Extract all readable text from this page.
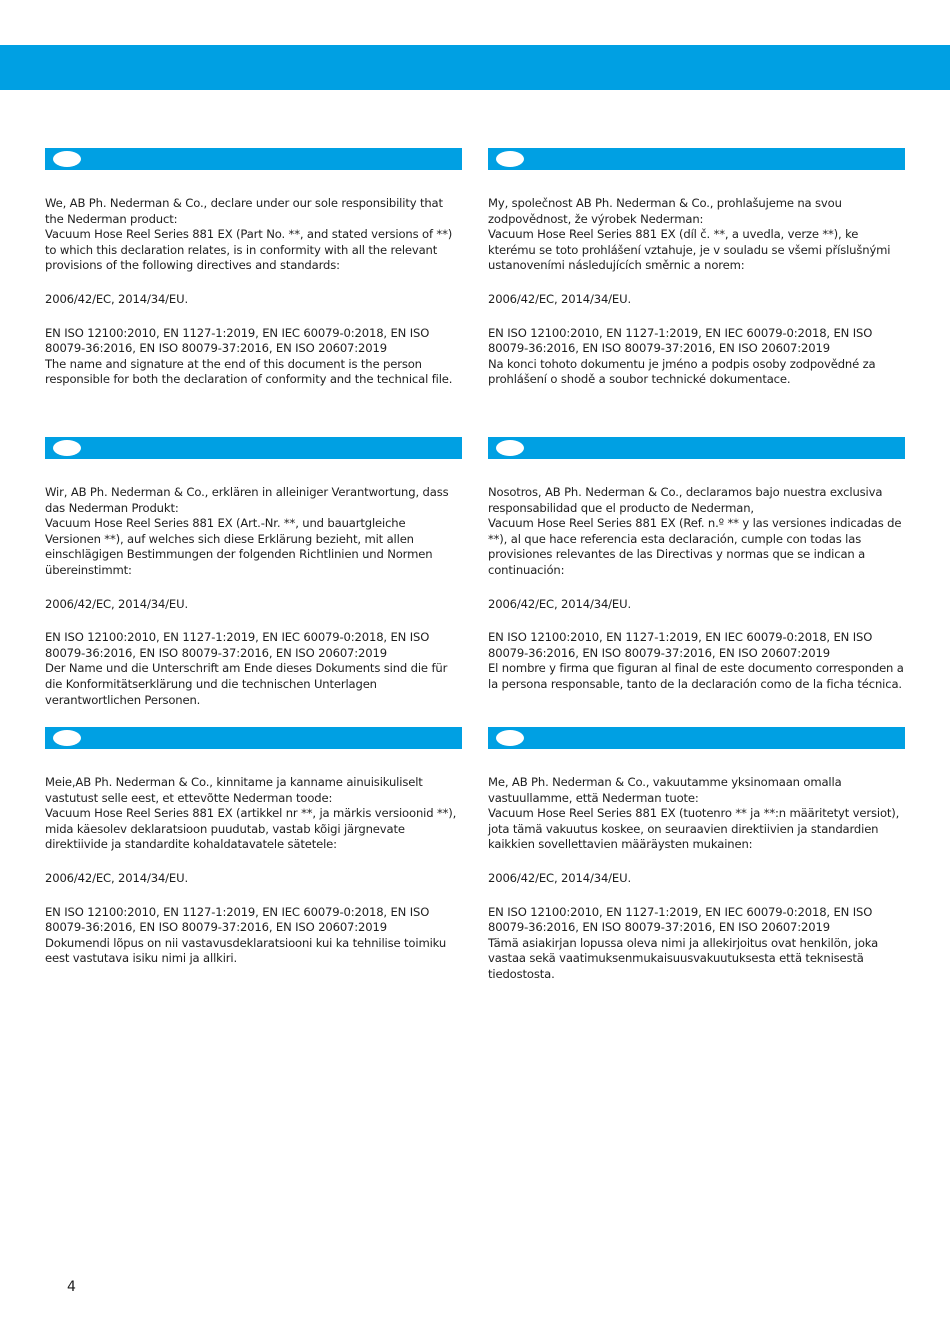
We, AB Ph. Nederman & Co., declare under our sole responsibility that the Nederman product:

Vacuum Hose Reel Series 881 EX (Part No. **, and stated versions of **) to which this declaration relates, is in conformity with all the relevant provisions of the following directives and standards:

2006/42/EC, 2014/34/EU.

EN ISO 12100:2010, EN 1127-1:2019, EN IEC 60079-0:2018, EN ISO 80079-36:2016, EN ISO 80079-37:2016, EN ISO 20607:2019

The name and signature at the end of this document is the person responsible for both the declaration of conformity and the technical file.

My, společnost AB Ph. Nederman & Co., prohlašujeme na svou zodpovědnost, že výrobek Nederman:

Vacuum Hose Reel Series 881 EX (díl č. **, a uvedla, verze **), ke kterému se toto prohlášení vztahuje, je v souladu se všemi příslušnými ustanoveními následujících směrnic a norem:

2006/42/EC, 2014/34/EU.

EN ISO 12100:2010, EN 1127-1:2019, EN IEC 60079-0:2018, EN ISO 80079-36:2016, EN ISO 80079-37:2016, EN ISO 20607:2019

Na konci tohoto dokumentu je jméno a podpis osoby zodpovědné za prohlášení o shodě a soubor technické dokumentace.

Wir, AB Ph. Nederman & Co., erklären in alleiniger Verantwortung, dass das Nederman Produkt:

Vacuum Hose Reel Series 881 EX (Art.-Nr. **, und bauartgleiche Versionen **), auf welches sich diese Erklärung bezieht, mit allen einschlägigen Bestimmungen der folgenden Richtlinien und Normen übereinstimmt:

2006/42/EC, 2014/34/EU.

EN ISO 12100:2010, EN 1127-1:2019, EN IEC 60079-0:2018, EN ISO 80079-36:2016, EN ISO 80079-37:2016, EN ISO 20607:2019

Der Name und die Unterschrift am Ende dieses Dokuments sind die für die Konformitätserklärung und die technischen Unterlagen verantwortlichen Personen.

Nosotros, AB Ph. Nederman & Co., declaramos bajo nuestra exclusiva responsabilidad que el producto de Nederman,

Vacuum Hose Reel Series 881 EX (Ref. n.º ** y las versiones indicadas de **), al que hace referencia esta declaración, cumple con todas las provisiones relevantes de las Directivas y normas que se indican a continuación:

2006/42/EC, 2014/34/EU.

EN ISO 12100:2010, EN 1127-1:2019, EN IEC 60079-0:2018, EN ISO 80079-36:2016, EN ISO 80079-37:2016, EN ISO 20607:2019

El nombre y firma que figuran al final de este documento corresponden a la persona responsable, tanto de la declaración como de la ficha técnica.

Meie,AB Ph. Nederman & Co., kinnitame ja kanname ainuisikuliselt vastutust selle eest, et ettevõtte Nederman toode:

Vacuum Hose Reel Series 881 EX (artikkel nr **, ja märkis versioonid **), mida käesolev deklaratsioon puudutab, vastab kõigi järgnevate direktiivide ja standardite kohaldatavatele sätetele:

2006/42/EC, 2014/34/EU.

EN ISO 12100:2010, EN 1127-1:2019, EN IEC 60079-0:2018, EN ISO 80079-36:2016, EN ISO 80079-37:2016, EN ISO 20607:2019

Dokumendi lõpus on nii vastavusdeklaratsiooni kui ka tehnilise toimiku eest vastutava isiku nimi ja allkiri.

Me, AB Ph. Nederman & Co., vakuutamme yksinomaan omalla vastuullamme, että Nederman tuote:

Vacuum Hose Reel Series 881 EX (tuotenro ** ja **:n määritetyt versiot), jota tämä vakuutus koskee, on seuraavien direktiivien ja standardien kaikkien sovellettavien määräysten mukainen:

2006/42/EC, 2014/34/EU.

EN ISO 12100:2010, EN 1127-1:2019, EN IEC 60079-0:2018, EN ISO 80079-36:2016, EN ISO 80079-37:2016, EN ISO 20607:2019

Tämä asiakirjan lopussa oleva nimi ja allekirjoitus ovat henkilön, joka vastaa sekä vaatimuksenmukaisuusvakuutuksesta että teknisestä tiedostosta.

4
